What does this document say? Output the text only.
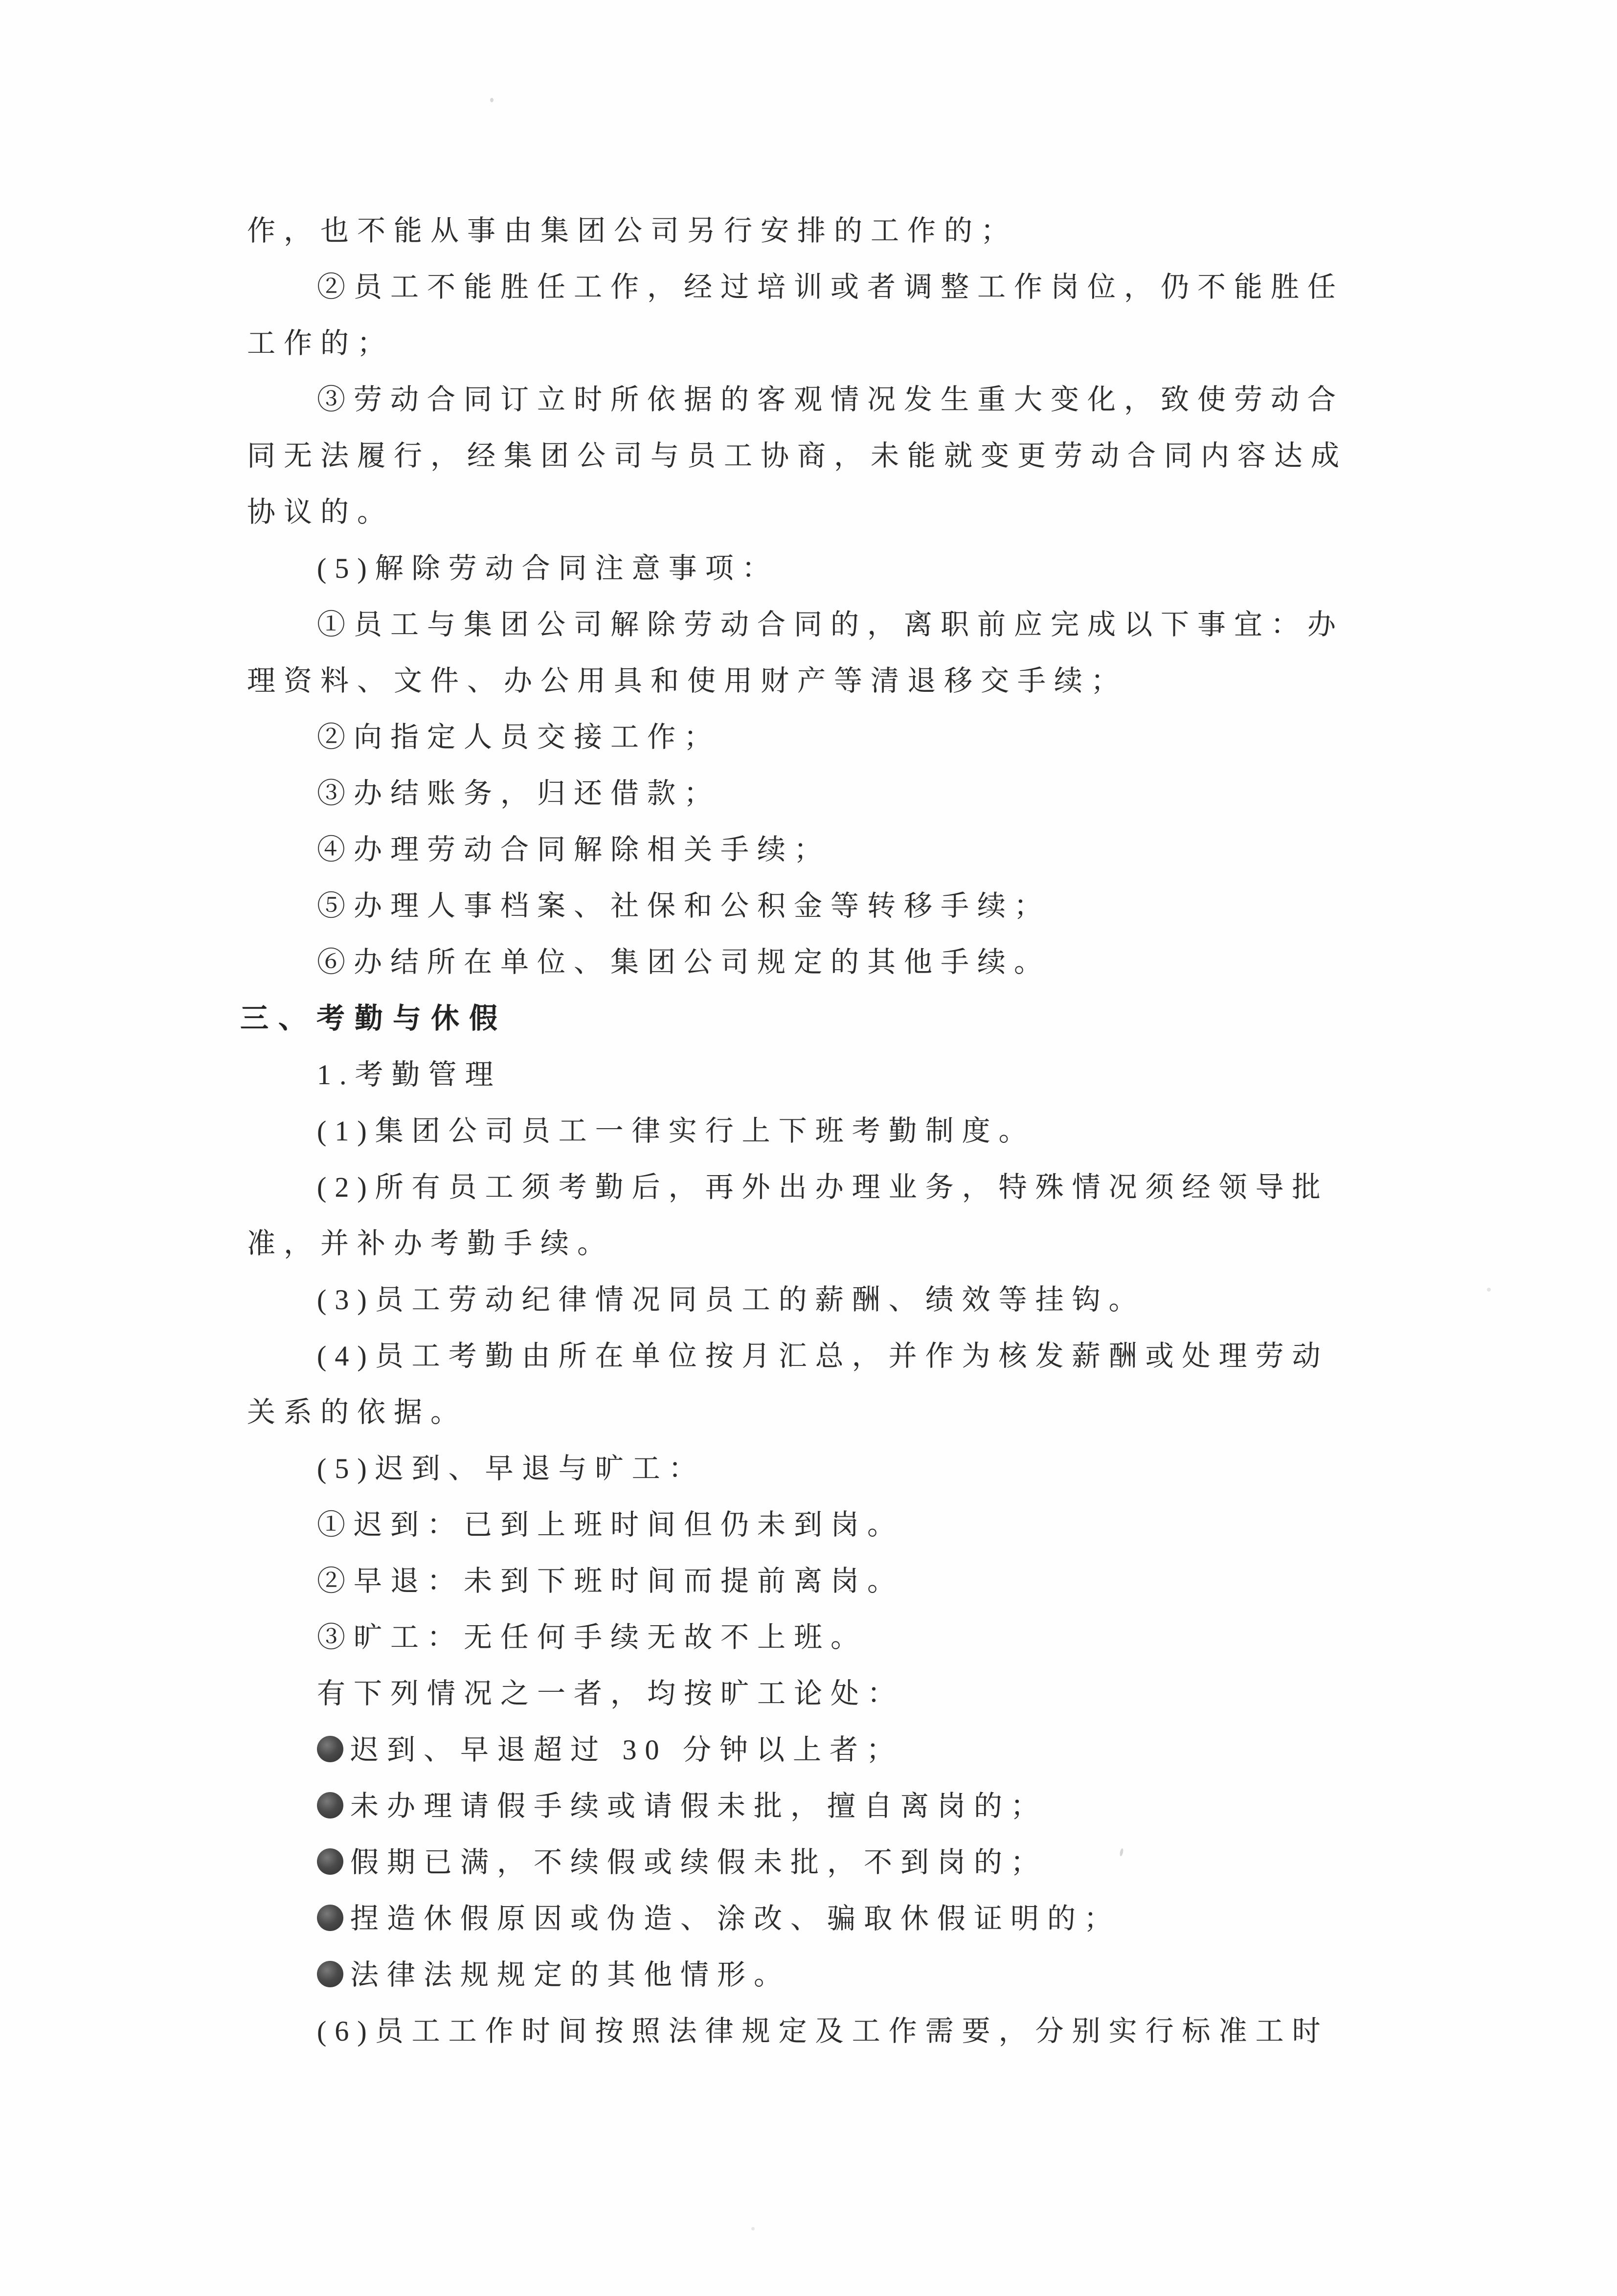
作，也不能从事由集团公司另行安排的工作的；
②员工不能胜任工作，经过培训或者调整工作岗位，仍不能胜任
工作的；
③劳动合同订立时所依据的客观情况发生重大变化，致使劳动合
同无法履行，经集团公司与员工协商，未能就变更劳动合同内容达成
协议的。
(5)解除劳动合同注意事项：
①员工与集团公司解除劳动合同的，离职前应完成以下事宜：办
理资料、文件、办公用具和使用财产等清退移交手续；
②向指定人员交接工作；
③办结账务，归还借款；
④办理劳动合同解除相关手续；
⑤办理人事档案、社保和公积金等转移手续；
⑥办结所在单位、集团公司规定的其他手续。
三、考勤与休假
1.考勤管理
(1)集团公司员工一律实行上下班考勤制度。
(2)所有员工须考勤后，再外出办理业务，特殊情况须经领导批
准，并补办考勤手续。
(3)员工劳动纪律情况同员工的薪酬、绩效等挂钩。
(4)员工考勤由所在单位按月汇总，并作为核发薪酬或处理劳动
关系的依据。
(5)迟到、早退与旷工：
①迟到：已到上班时间但仍未到岗。
②早退：未到下班时间而提前离岗。
③旷工：无任何手续无故不上班。
有下列情况之一者，均按旷工论处：
迟到、早退超过 30 分钟以上者；
未办理请假手续或请假未批，擅自离岗的；
假期已满，不续假或续假未批，不到岗的；
捏造休假原因或伪造、涂改、骗取休假证明的；
法律法规规定的其他情形。
(6)员工工作时间按照法律规定及工作需要，分别实行标准工时
